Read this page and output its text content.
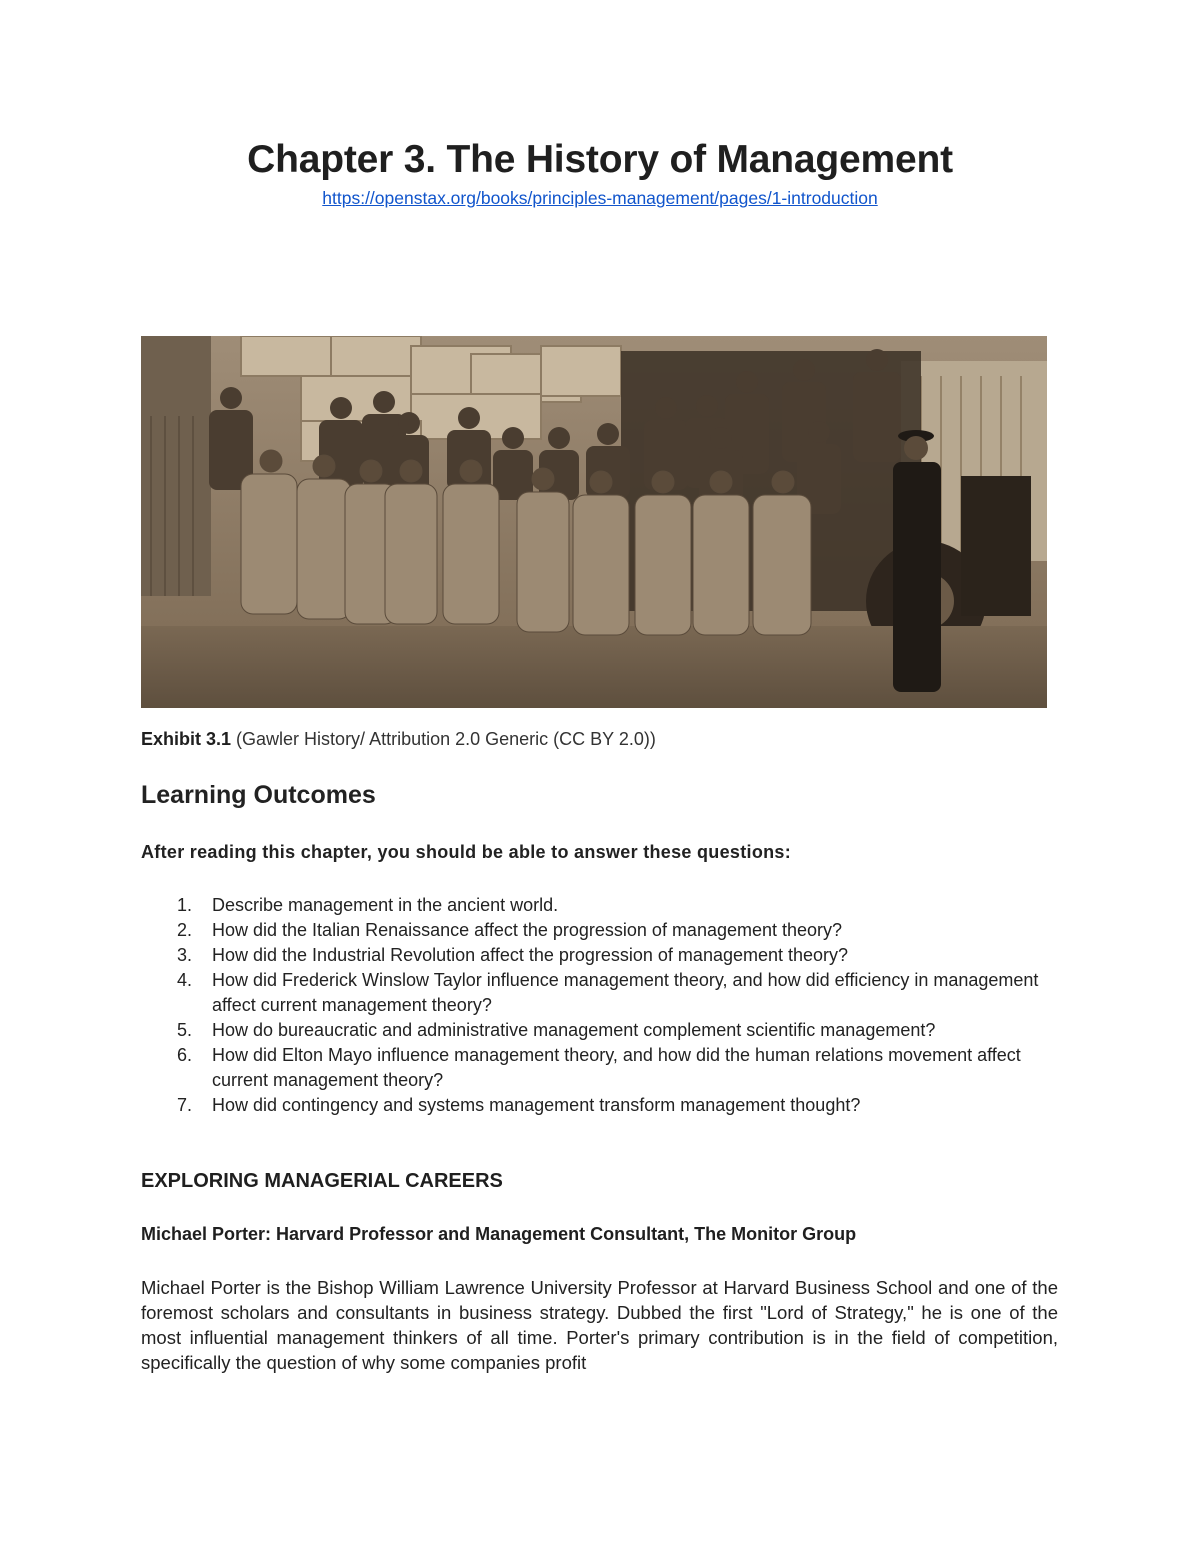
Chapter 3. The History of Management
https://openstax.org/books/principles-management/pages/1-introduction
Exhibit 3.1 (Gawler History/ Attribution 2.0 Generic (CC BY 2.0))
Learning Outcomes
After reading this chapter, you should be able to answer these questions:
1. Describe management in the ancient world.
2. How did the Italian Renaissance affect the progression of management theory?
3. How did the Industrial Revolution affect the progression of management theory?
4. How did Frederick Winslow Taylor influence management theory, and how did efficiency in management affect current management theory?
5. How do bureaucratic and administrative management complement scientific management?
6. How did Elton Mayo influence management theory, and how did the human relations movement affect current management theory?
7. How did contingency and systems management transform management thought?
EXPLORING MANAGERIAL CAREERS
Michael Porter: Harvard Professor and Management Consultant, The Monitor Group
Michael Porter is the Bishop William Lawrence University Professor at Harvard Business School and one of the foremost scholars and consultants in business strategy. Dubbed the first "Lord of Strategy," he is one of the most influential management thinkers of all time. Porter's primary contribution is in the field of competition, specifically the question of why some companies profit
